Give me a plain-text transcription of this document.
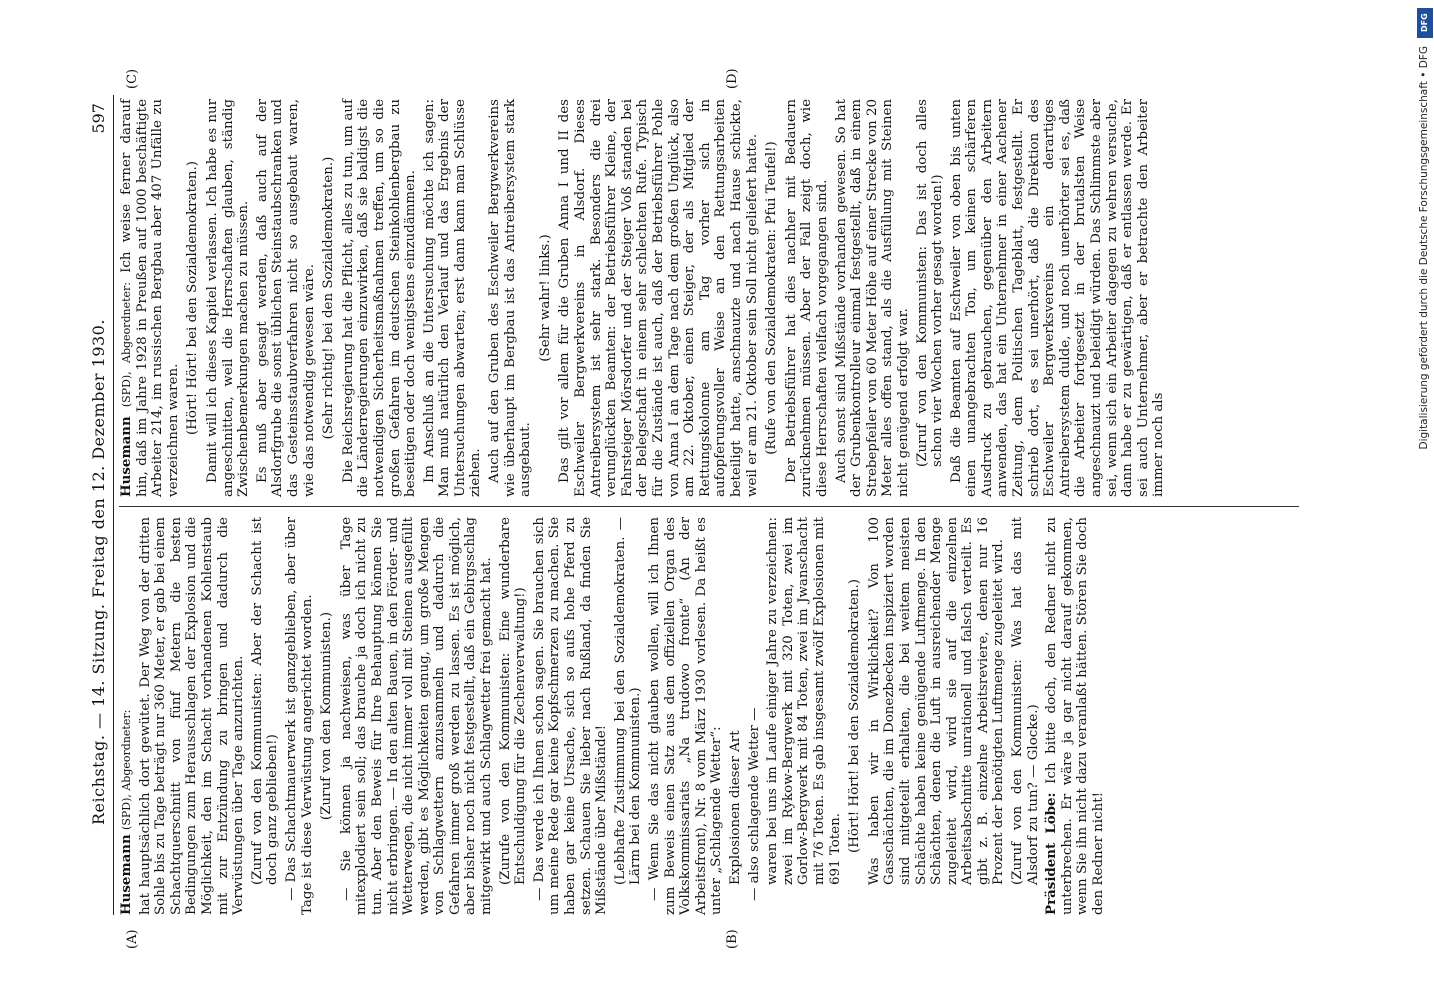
Reichstag. — 14. Sitzung. Freitag den 12. Dezember 1930.
597
(A)	(B)
(C)	(D)

Husemann (SPD), Abgeordneter: hat hauptsächlich dort gewütet. Der Weg von der dritten Sohle bis zu Tage beträgt nur 360 Meter, er gab bei einem Schachtquerschnitt von fünf Metern die besten Bedingungen zum Herausschlagen der Explosion und die Möglichkeit, den im Schacht vorhandenen Kohlenstaub mit zur Entzündung zu bringen und dadurch die Verwüstungen über Tage anzurichten. (Zuruf von den Kommunisten: Aber der Schacht ist doch ganz geblieben!) — Das Schachtmauerwerk ist ganzgeblieben, aber über Tage ist diese Verwüstung angerichtet worden. (Zuruf von den Kommunisten.) — Sie können ja nachweisen, was über Tage mitexplodiert sein soll; das brauche ja doch ich nicht zu tun. Aber den Beweis für Ihre Behauptung können Sie nicht erbringen. — In den alten Bauen, in den Förder- und Wetterwegen, die nicht immer voll mit Steinen ausgefüllt werden, gibt es Möglichkeiten genug, um große Mengen von Schlagwettern anzusammeln und dadurch die Gefahren immer groß werden zu lassen. Es ist möglich, aber bisher noch nicht festgestellt, daß ein Gebirgsschlag mitgewirkt und auch Schlagwetter frei gemacht hat. (Zurufe von den Kommunisten: Eine wunderbare Entschuldigung für die Zechenverwaltung!) — Das werde ich Ihnen schon sagen. Sie brauchen sich um meine Rede gar keine Kopfschmerzen zu machen. Sie haben gar keine Ursache, sich so aufs hohe Pferd zu setzen. Schauen Sie lieber nach Rußland, da finden Sie Mißstände über Mißstände! (Lebhafte Zustimmung bei den Sozialdemokraten. — Lärm bei den Kommunisten.) — Wenn Sie das nicht glauben wollen, will ich Ihnen zum Beweis einen Satz aus dem offiziellen Organ des Volkskommissariats „Na trudowo fronte“ (An der Arbeitsfront), Nr. 8 vom März 1930 vorlesen. Da heißt es unter „Schlagende Wetter“: Explosionen dieser Art — also schlagende Wetter — waren bei uns im Laufe einiger Jahre zu verzeichnen: zwei im Rykow-Bergwerk mit 320 Toten, zwei im Gorlow-Bergwerk mit 84 Toten, zwei im Jwanschacht mit 76 Toten. Es gab insgesamt zwölf Explosionen mit 691 Toten. (Hört! Hört! bei den Sozialdemokraten.) Was haben wir in Wirklichkeit? Von 100 Gasschächten, die im Donezbecken inspiziert worden sind mitgeteilt erhalten, die bei weitem meisten Schächte haben keine genügende Luftmenge. In den Schächten, denen die Luft in ausreichender Menge zugeleitet wird, wird sie auf die einzelnen Arbeitsabschnitte unrationell und falsch verteilt. Es gibt z. B. einzelne Arbeitsreviere, denen nur 16 Prozent der benötigten Luftmenge zugeleitet wird. (Zuruf von den Kommunisten: Was hat das mit Alsdorf zu tun? — Glocke.) Präsident Löbe: Ich bitte doch, den Redner nicht zu unterbrechen. Er wäre ja gar nicht darauf gekommen, wenn Sie ihn nicht dazu veranlaßt hätten. Stören Sie doch den Redner nicht!

Husemann (SPD), Abgeordneter: Ich weise ferner darauf hin, daß im Jahre 1928 in Preußen auf 1000 beschäftigte Arbeiter 214, im russischen Bergbau aber 407 Unfälle zu verzeichnen waren. (Hört! Hört! bei den Sozialdemokraten.) Damit will ich dieses Kapitel verlassen. Ich habe es nur angeschnitten, weil die Herrschaften glauben, ständig Zwischenbemerkungen machen zu müssen. Es muß aber gesagt werden, daß auch auf der Alsdorfgrube die sonst üblichen Steinstaubschranken und das Gesteinsstaubverfahren nicht so ausgebaut waren, wie das notwendig gewesen wäre. (Sehr richtig! bei den Sozialdemokraten.) Die Reichsregierung hat die Pflicht, alles zu tun, um auf die Länderregierungen einzuwirken, daß sie baldigst die notwendigen Sicherheitsmaßnahmen treffen, um so die großen Gefahren im deutschen Steinkohlenbergbau zu beseitigen oder doch wenigstens einzudämmen. Im Anschluß an die Untersuchung möchte ich sagen: Man muß natürlich den Verlauf und das Ergebnis der Untersuchungen abwarten; erst dann kann man Schlüsse ziehen. Auch auf den Gruben des Eschweiler Bergwerkvereins wie überhaupt im Bergbau ist das Antreibersystem stark ausgebaut.

(Sehr wahr! links.) Das gilt vor allem für die Gruben Anna I und II des Eschweiler Bergwerkvereins in Alsdorf. Dieses Antreibersystem ist sehr stark. Besonders die drei verunglückten Beamten: der Betriebsführer Kleine, der Fahrsteiger Mörsdorfer und der Steiger Voß standen bei der Belegschaft in einem sehr schlechten Rufe. Typisch für die Zustände ist auch, daß der Betriebsführer Pohle von Anna I an dem Tage nach dem großen Unglück, also am 22. Oktober, einen Steiger, der als Mitglied der Rettungskolonne am Tag vorher sich in aufopferungsvoller Weise an den Rettungsarbeiten beteiligt hatte, anschnauzte und nach Hause schickte, weil er am 21. Oktober sein Soll nicht geliefert hatte. (Rufe von den Sozialdemokraten: Pfui Teufel!) Der Betriebsführer hat dies nachher mit Bedauern zurücknehmen müssen. Aber der Fall zeigt doch, wie diese Herrschaften vielfach vorgegangen sind. Auch sonst sind Mißstände vorhanden gewesen. So hat der Grubenkontrolleur einmal festgestellt, daß in einem Strebepfeiler von 60 Meter Höhe auf einer Strecke von 20 Meter alles offen stand, als die Ausfüllung mit Steinen nicht genügend erfolgt war. (Zuruf von den Kommunisten: Das ist doch alles schon vier Wochen vorher gesagt worden!) Daß die Beamten auf Eschweiler von oben bis unten einen unangebrachten Ton, um keinen schärferen Ausdruck zu gebrauchen, gegenüber den Arbeitern anwenden, das hat ein Unternehmer in einer Aachener Zeitung, dem Politischen Tageblatt, festgestellt. Er schrieb dort, es sei unerhört, daß die Direktion des Eschweiler Bergwerksvereins ein derartiges Antreibersystem dulde, und noch unerhörter sei es, daß die Arbeiter fortgesetzt in der brutalsten Weise angeschnauzt und beleidigt würden. Das Schlimmste aber sei, wenn sich ein Arbeiter dagegen zu wehren versuche, dann habe er zu gewärtigen, daß er entlassen werde. Er sei auch Unternehmer, aber er betrachte den Arbeiter immer noch als

DFG
Digitalisierung gefördert durch die Deutsche Forschungsgemeinschaft • DFG
